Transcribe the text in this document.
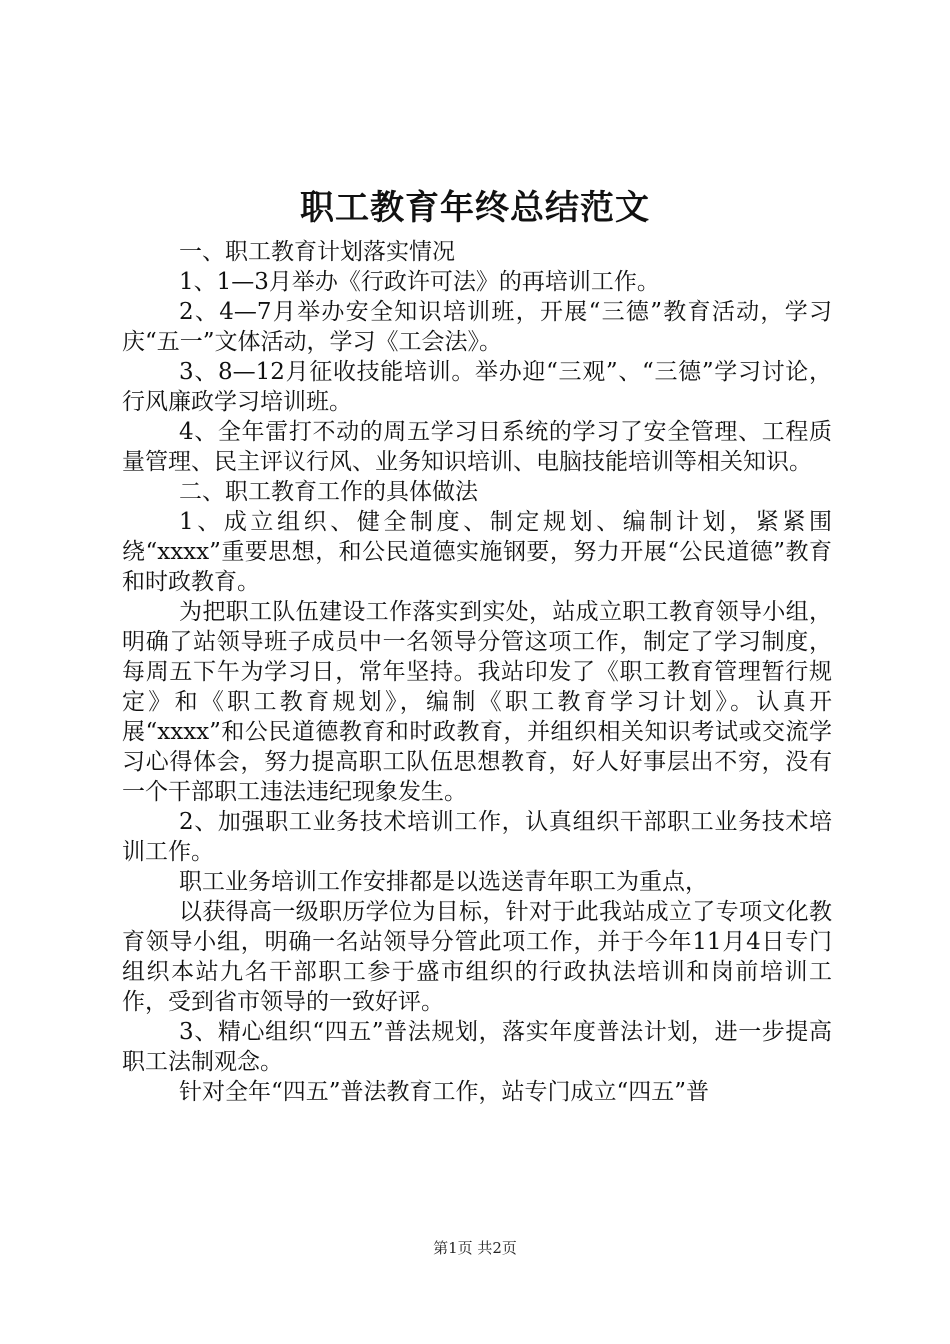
职工教育年终总结范文

一、职工教育计划落实情况

1、1—3月举办《行政许可法》的再培训工作。

2、4—7月举办安全知识培训班，开展“三德”教育活动，学习庆“五一”文体活动，学习《工会法》。

3、8—12月征收技能培训。举办迎“三观”、“三德”学习讨论，行风廉政学习培训班。

4、全年雷打不动的周五学习日系统的学习了安全管理、工程质量管理、民主评议行风、业务知识培训、电脑技能培训等相关知识。

二、职工教育工作的具体做法

1、成立组织、健全制度、制定规划、编制计划，紧紧围绕“xxxx”重要思想，和公民道德实施钢要，努力开展“公民道德”教育和时政教育。

为把职工队伍建设工作落实到实处，站成立职工教育领导小组，明确了站领导班子成员中一名领导分管这项工作，制定了学习制度，每周五下午为学习日，常年坚持。我站印发了《职工教育管理暂行规定》和《职工教育规划》，编制《职工教育学习计划》。认真开展“xxxx”和公民道德教育和时政教育，并组织相关知识考试或交流学习心得体会，努力提高职工队伍思想教育，好人好事层出不穷，没有一个干部职工违法违纪现象发生。

2、加强职工业务技术培训工作，认真组织干部职工业务技术培训工作。

职工业务培训工作安排都是以选送青年职工为重点，

以获得高一级职历学位为目标，针对于此我站成立了专项文化教育领导小组，明确一名站领导分管此项工作，并于今年11月4日专门组织本站九名干部职工参于盛市组织的行政执法培训和岗前培训工作，受到省市领导的一致好评。

3、精心组织“四五”普法规划，落实年度普法计划，进一步提高职工法制观念。

针对全年“四五”普法教育工作，站专门成立“四五”普

第1页 共2页
